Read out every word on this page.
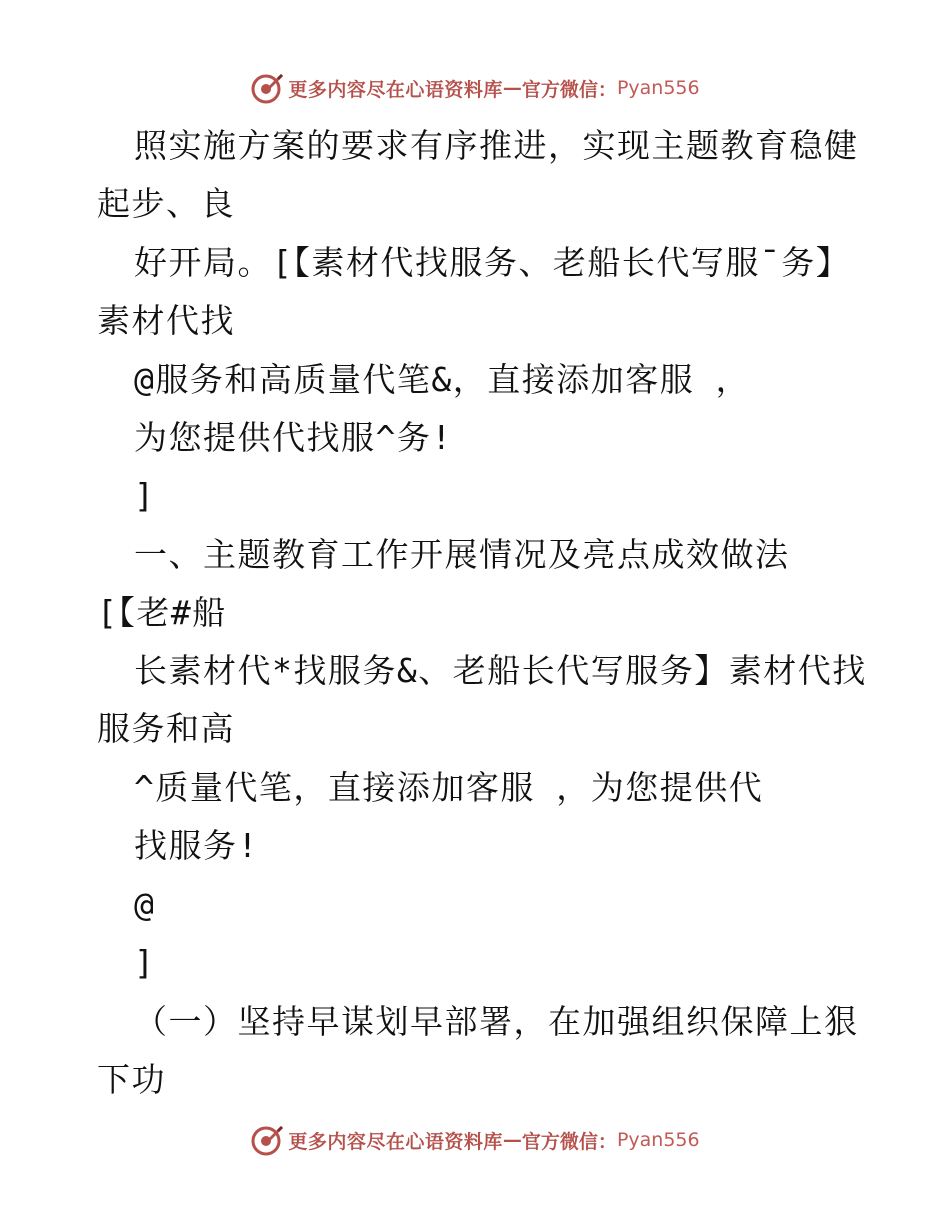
更多内容尽在心语资料库 — 官方微信： Pyan556
照实施方案的要求有序推进，实现主题教育稳健
起步、良
好开局。[【素材代找服务、老船长代写服¯务】
素材代找
@服务和高质量代笔&，直接添加客服 ，
为您提供代找服^务!
]
一、主题教育工作开展情况及亮点成效做法
[【老#船
长素材代*找服务&、老船长代写服务】素材代找
服务和高
^质量代笔，直接添加客服 ，为您提供代
找服务!
@
]
（一）坚持早谋划早部署，在加强组织保障上狠
下功
更多内容尽在心语资料库 — 官方微信： Pyan556
